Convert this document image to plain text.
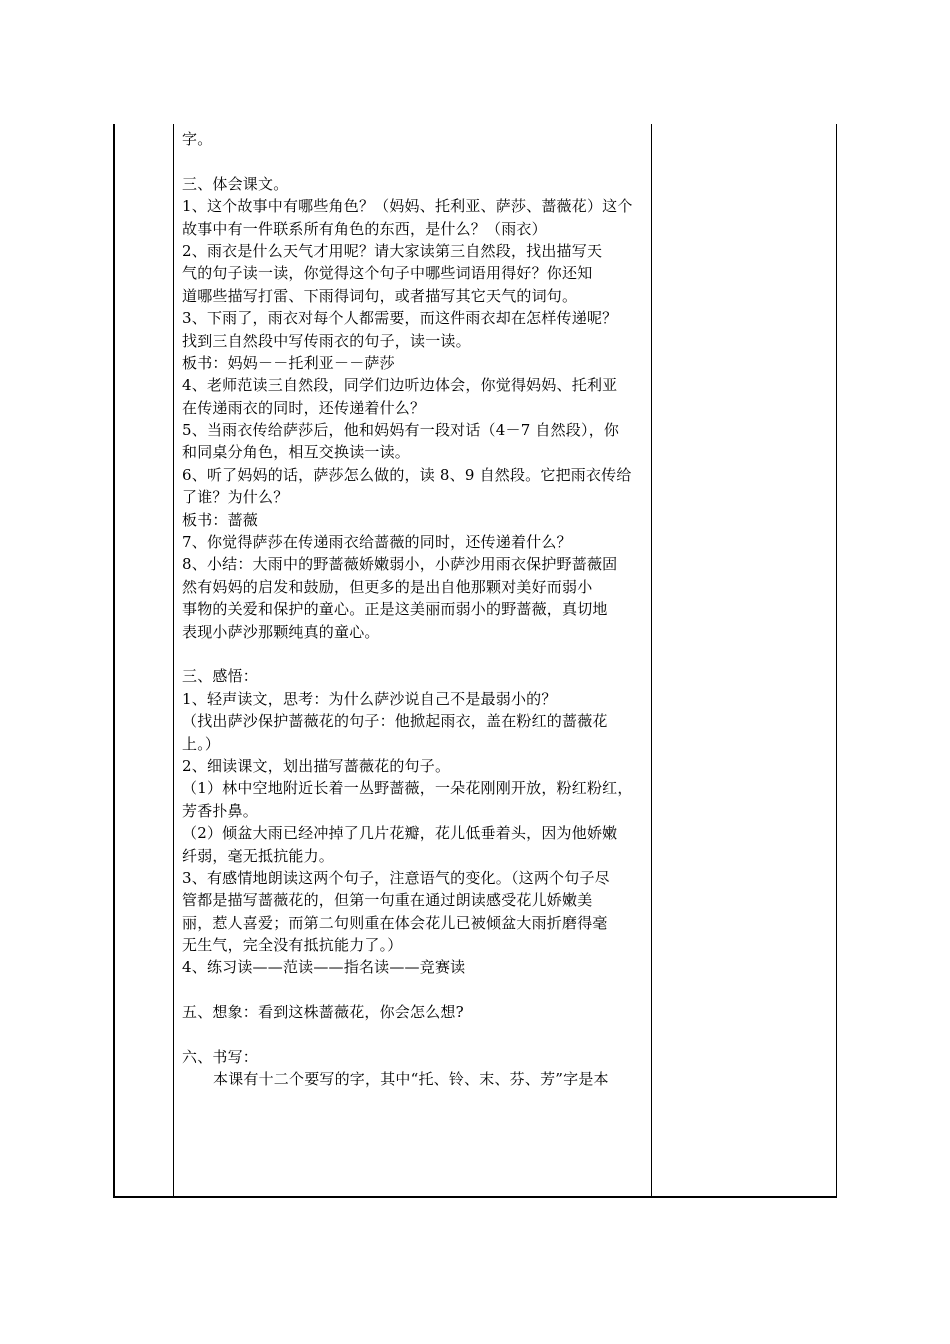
字。
三、体会课文。
1、这个故事中有哪些角色？（妈妈、托利亚、萨莎、蔷薇花）这个
故事中有一件联系所有角色的东西，是什么？（雨衣）
2、雨衣是什么天气才用呢？请大家读第三自然段，找出描写天
气的句子读一读，你觉得这个句子中哪些词语用得好？你还知
道哪些描写打雷、下雨得词句，或者描写其它天气的词句。
3、下雨了，雨衣对每个人都需要，而这件雨衣却在怎样传递呢？
找到三自然段中写传雨衣的句子，读一读。
板书：妈妈－－托利亚－－萨莎
4、老师范读三自然段，同学们边听边体会，你觉得妈妈、托利亚
在传递雨衣的同时，还传递着什么？
5、当雨衣传给萨莎后，他和妈妈有一段对话（4－7 自然段），你
和同桌分角色，相互交换读一读。
6、听了妈妈的话，萨莎怎么做的，读 8、9 自然段。它把雨衣传给
了谁？为什么？
板书：蔷薇
7、你觉得萨莎在传递雨衣给蔷薇的同时，还传递着什么？
8、小结：大雨中的野蔷薇娇嫩弱小，小萨沙用雨衣保护野蔷薇固
然有妈妈的启发和鼓励，但更多的是出自他那颗对美好而弱小
事物的关爱和保护的童心。正是这美丽而弱小的野蔷薇，真切地
表现小萨沙那颗纯真的童心。
三、感悟：
1、轻声读文，思考：为什么萨沙说自己不是最弱小的？
（找出萨沙保护蔷薇花的句子：他掀起雨衣，盖在粉红的蔷薇花
上。）
2、细读课文，划出描写蔷薇花的句子。
（1）林中空地附近长着一丛野蔷薇，一朵花刚刚开放，粉红粉红，
芳香扑鼻。
（2）倾盆大雨已经冲掉了几片花瓣，花儿低垂着头，因为他娇嫩
纤弱，毫无抵抗能力。
3、有感情地朗读这两个句子，注意语气的变化。（这两个句子尽
管都是描写蔷薇花的，但第一句重在通过朗读感受花儿娇嫩美
丽，惹人喜爱；而第二句则重在体会花儿已被倾盆大雨折磨得毫
无生气，完全没有抵抗能力了。）
4、练习读——范读——指名读——竞赛读
五、想象：看到这株蔷薇花，你会怎么想?
六、书写：
本课有十二个要写的字，其中“托、铃、末、芬、芳”字是本
